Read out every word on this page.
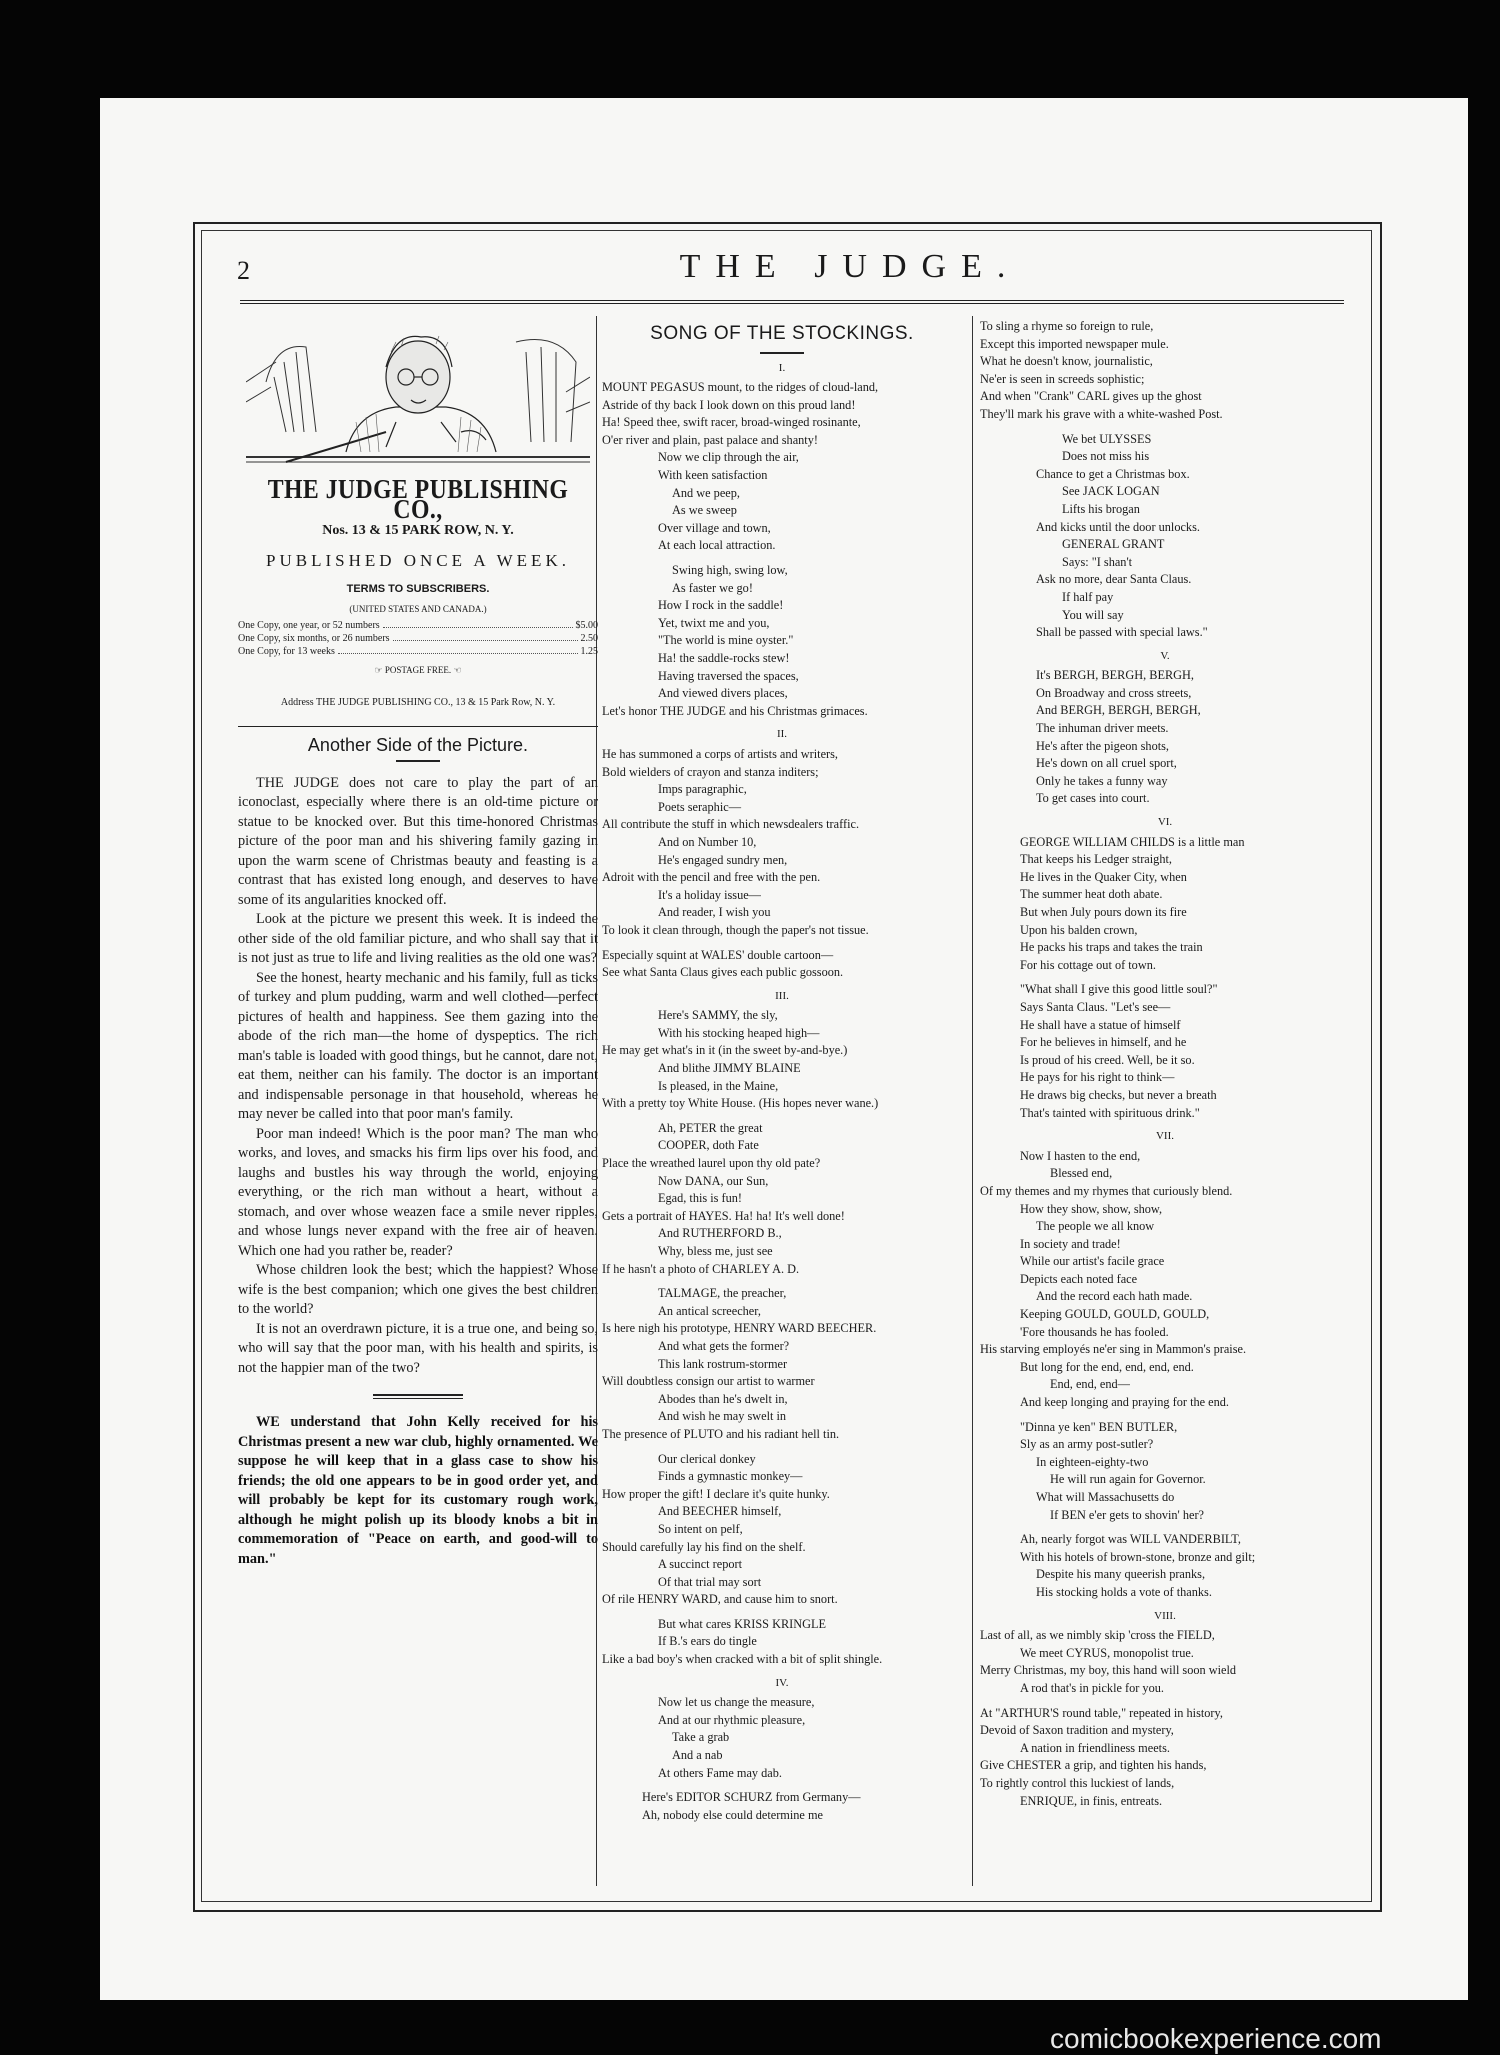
2	THE JUDGE.
THE JUDGE PUBLISHING CO.,
Nos. 13 & 15 PARK ROW, N. Y.
PUBLISHED ONCE A WEEK.
TERMS TO SUBSCRIBERS.
(UNITED STATES AND CANADA.)
One Copy, one year, or 52 numbers	$5.00
One Copy, six months, or 26 numbers	2.50
One Copy, for 13 weeks	1.25
☞ POSTAGE FREE. ☜
Address THE JUDGE PUBLISHING CO., 13 & 15 Park Row, N. Y.
Another Side of the Picture.

THE JUDGE does not care to play the part of an iconoclast, especially where there is an old-time picture or statue to be knocked over. But this time-honored Christmas picture of the poor man and his shivering family gazing in upon the warm scene of Christmas beauty and feasting is a contrast that has existed long enough, and deserves to have some of its angularities knocked off.

Look at the picture we present this week. It is indeed the other side of the old familiar picture, and who shall say that it is not just as true to life and living realities as the old one was?

See the honest, hearty mechanic and his family, full as ticks of turkey and plum pudding, warm and well clothed—perfect pictures of health and happiness. See them gazing into the abode of the rich man—the home of dyspeptics. The rich man's table is loaded with good things, but he cannot, dare not, eat them, neither can his family. The doctor is an important and indispensable personage in that household, whereas he may never be called into that poor man's family.

Poor man indeed! Which is the poor man? The man who works, and loves, and smacks his firm lips over his food, and laughs and bustles his way through the world, enjoying everything, or the rich man without a heart, without a stomach, and over whose weazen face a smile never ripples, and whose lungs never expand with the free air of heaven. Which one had you rather be, reader?

Whose children look the best; which the happiest? Whose wife is the best companion; which one gives the best children to the world?

It is not an overdrawn picture, it is a true one, and being so, who will say that the poor man, with his health and spirits, is not the happier man of the two?

WE understand that John Kelly received for his Christmas present a new war club, highly ornamented. We suppose he will keep that in a glass case to show his friends; the old one appears to be in good order yet, and will probably be kept for its customary rough work, although he might polish up its bloody knobs a bit in commemoration of "Peace on earth, and good-will to man."

SONG OF THE STOCKINGS.
I.
MOUNT PEGASUS mount, to the ridges of cloud-land,
Astride of thy back I look down on this proud land!
Ha! Speed thee, swift racer, broad-winged rosinante,
O'er river and plain, past palace and shanty!
Now we clip through the air,
With keen satisfaction
And we peep,
As we sweep
Over village and town,
At each local attraction.
Swing high, swing low,
As faster we go!
How I rock in the saddle!
Yet, twixt me and you,
"The world is mine oyster."
Ha! the saddle-rocks stew!
Having traversed the spaces,
And viewed divers places,
Let's honor THE JUDGE and his Christmas grimaces.
II.
He has summoned a corps of artists and writers,
Bold wielders of crayon and stanza inditers;
Imps paragraphic,
Poets seraphic—
All contribute the stuff in which newsdealers traffic.
And on Number 10,
He's engaged sundry men,
Adroit with the pencil and free with the pen.
It's a holiday issue—
And reader, I wish you
To look it clean through, though the paper's not tissue.
Especially squint at WALES' double cartoon—
See what Santa Claus gives each public gossoon.
III.
Here's SAMMY, the sly,
With his stocking heaped high—
He may get what's in it (in the sweet by-and-bye.)
And blithe JIMMY BLAINE
Is pleased, in the Maine,
With a pretty toy White House. (His hopes never wane.)
Ah, PETER the great
COOPER, doth Fate
Place the wreathed laurel upon thy old pate?
Now DANA, our Sun,
Egad, this is fun!
Gets a portrait of HAYES. Ha! ha! It's well done!
And RUTHERFORD B.,
Why, bless me, just see
If he hasn't a photo of CHARLEY A. D.
TALMAGE, the preacher,
An antical screecher,
Is here nigh his prototype, HENRY WARD BEECHER.
And what gets the former?
This lank rostrum-stormer
Will doubtless consign our artist to warmer
Abodes than he's dwelt in,
And wish he may swelt in
The presence of PLUTO and his radiant hell tin.
Our clerical donkey
Finds a gymnastic monkey—
How proper the gift! I declare it's quite hunky.
And BEECHER himself,
So intent on pelf,
Should carefully lay his find on the shelf.
A succinct report
Of that trial may sort
Of rile HENRY WARD, and cause him to snort.
But what cares KRISS KRINGLE
If B.'s ears do tingle
Like a bad boy's when cracked with a bit of split shingle.
IV.
Now let us change the measure,
And at our rhythmic pleasure,
Take a grab
And a nab
At others Fame may dab.
Here's EDITOR SCHURZ from Germany—
Ah, nobody else could determine me
To sling a rhyme so foreign to rule,
Except this imported newspaper mule.
What he doesn't know, journalistic,
Ne'er is seen in screeds sophistic;
And when "Crank" CARL gives up the ghost
They'll mark his grave with a white-washed Post.
We bet ULYSSES
Does not miss his
Chance to get a Christmas box.
See JACK LOGAN
Lifts his brogan
And kicks until the door unlocks.
GENERAL GRANT
Says: "I shan't
Ask no more, dear Santa Claus.
If half pay
You will say
Shall be passed with special laws."
V.
It's BERGH, BERGH, BERGH,
On Broadway and cross streets,
And BERGH, BERGH, BERGH,
The inhuman driver meets.
He's after the pigeon shots,
He's down on all cruel sport,
Only he takes a funny way
To get cases into court.
VI.
GEORGE WILLIAM CHILDS is a little man
That keeps his Ledger straight,
He lives in the Quaker City, when
The summer heat doth abate.
But when July pours down its fire
Upon his balden crown,
He packs his traps and takes the train
For his cottage out of town.
"What shall I give this good little soul?"
Says Santa Claus. "Let's see—
He shall have a statue of himself
For he believes in himself, and he
Is proud of his creed. Well, be it so.
He pays for his right to think—
He draws big checks, but never a breath
That's tainted with spirituous drink."
VII.
Now I hasten to the end,
Blessed end,
Of my themes and my rhymes that curiously blend.
How they show, show, show,
The people we all know
In society and trade!
While our artist's facile grace
Depicts each noted face
And the record each hath made.
Keeping GOULD, GOULD, GOULD,
'Fore thousands he has fooled.
His starving employés ne'er sing in Mammon's praise.
But long for the end, end, end, end.
End, end, end—
And keep longing and praying for the end.
"Dinna ye ken" BEN BUTLER,
Sly as an army post-sutler?
In eighteen-eighty-two
He will run again for Governor.
What will Massachusetts do
If BEN e'er gets to shovin' her?
Ah, nearly forgot was WILL VANDERBILT,
With his hotels of brown-stone, bronze and gilt;
Despite his many queerish pranks,
His stocking holds a vote of thanks.
VIII.
Last of all, as we nimbly skip 'cross the FIELD,
We meet CYRUS, monopolist true.
Merry Christmas, my boy, this hand will soon wield
A rod that's in pickle for you.
At "ARTHUR'S round table," repeated in history,
Devoid of Saxon tradition and mystery,
A nation in friendliness meets.
Give CHESTER a grip, and tighten his hands,
To rightly control this luckiest of lands,
ENRIQUE, in finis, entreats.
comicbookexperience.com
